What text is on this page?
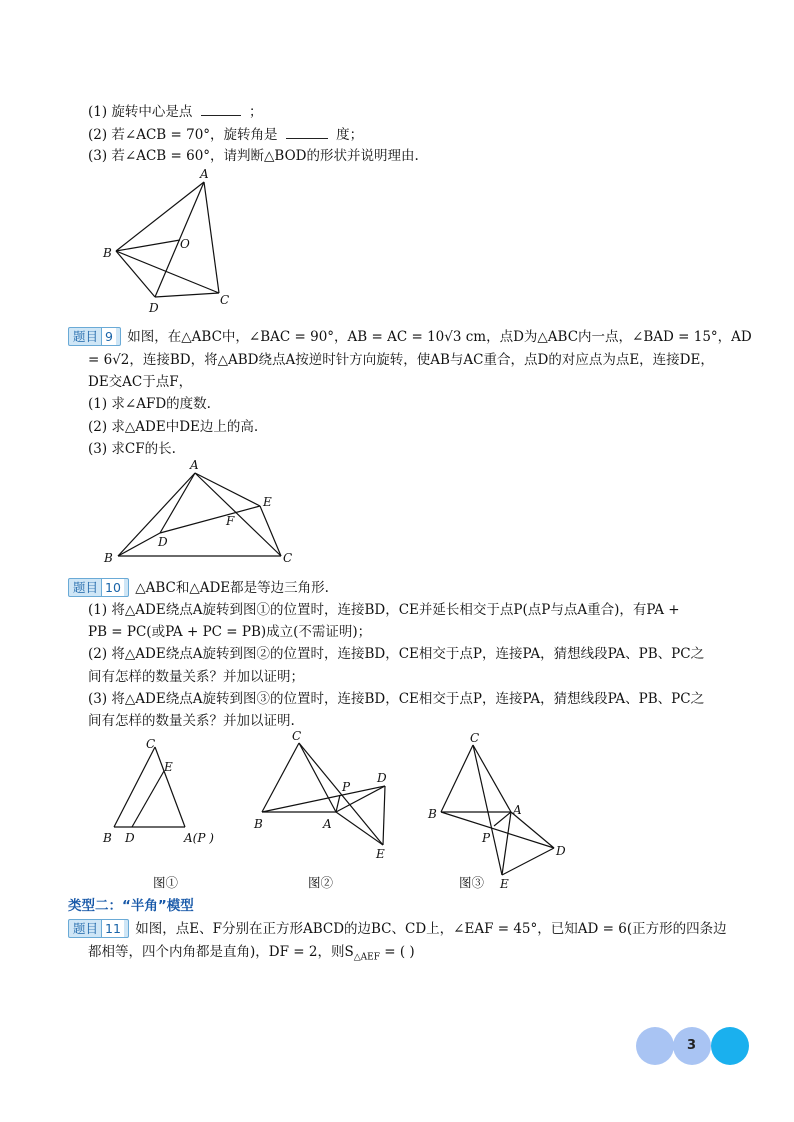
(1) 旋转中心是点	；
(2) 若∠ACB = 70°，旋转角是	度；
(3) 若∠ACB = 60°，请判断△BOD的形状并说明理由.
A
B
C
D
O
题目 9 如图，在△ABC中，∠BAC = 90°，AB = AC = 10√3 cm，点D为△ABC内一点，∠BAD = 15°，AD
= 6√2，连接BD，将△ABD绕点A按逆时针方向旋转，使AB与AC重合，点D的对应点为点E，连接DE，
DE交AC于点F，
(1) 求∠AFD的度数.
(2) 求△ADE中DE边上的高.
(3) 求CF的长.
A
B	C
D
E
F
题目 10 △ABC和△ADE都是等边三角形.
(1) 将△ADE绕点A旋转到图①的位置时，连接BD，CE并延长相交于点P(点P与点A重合)，有PA +
PB = PC(或PA + PC = PB)成立(不需证明)；
(2) 将△ADE绕点A旋转到图②的位置时，连接BD，CE相交于点P，连接PA，猜想线段PA、PB、PC之
间有怎样的数量关系？并加以证明；
(3) 将△ADE绕点A旋转到图③的位置时，连接BD，CE相交于点P，连接PA，猜想线段PA、PB、PC之
间有怎样的数量关系？并加以证明.
C
E
B D	A(P )
图①
C
D
P
B	A
E
图②
C
B	A
P
D
E
图③
类型二：“半角”模型
题目 11 如图，点E、F分别在正方形ABCD的边BC、CD上，∠EAF = 45°，已知AD = 6(正方形的四条边
都相等，四个内角都是直角)，DF = 2，则$S_{\triangle AEF}$ = ( )
3
